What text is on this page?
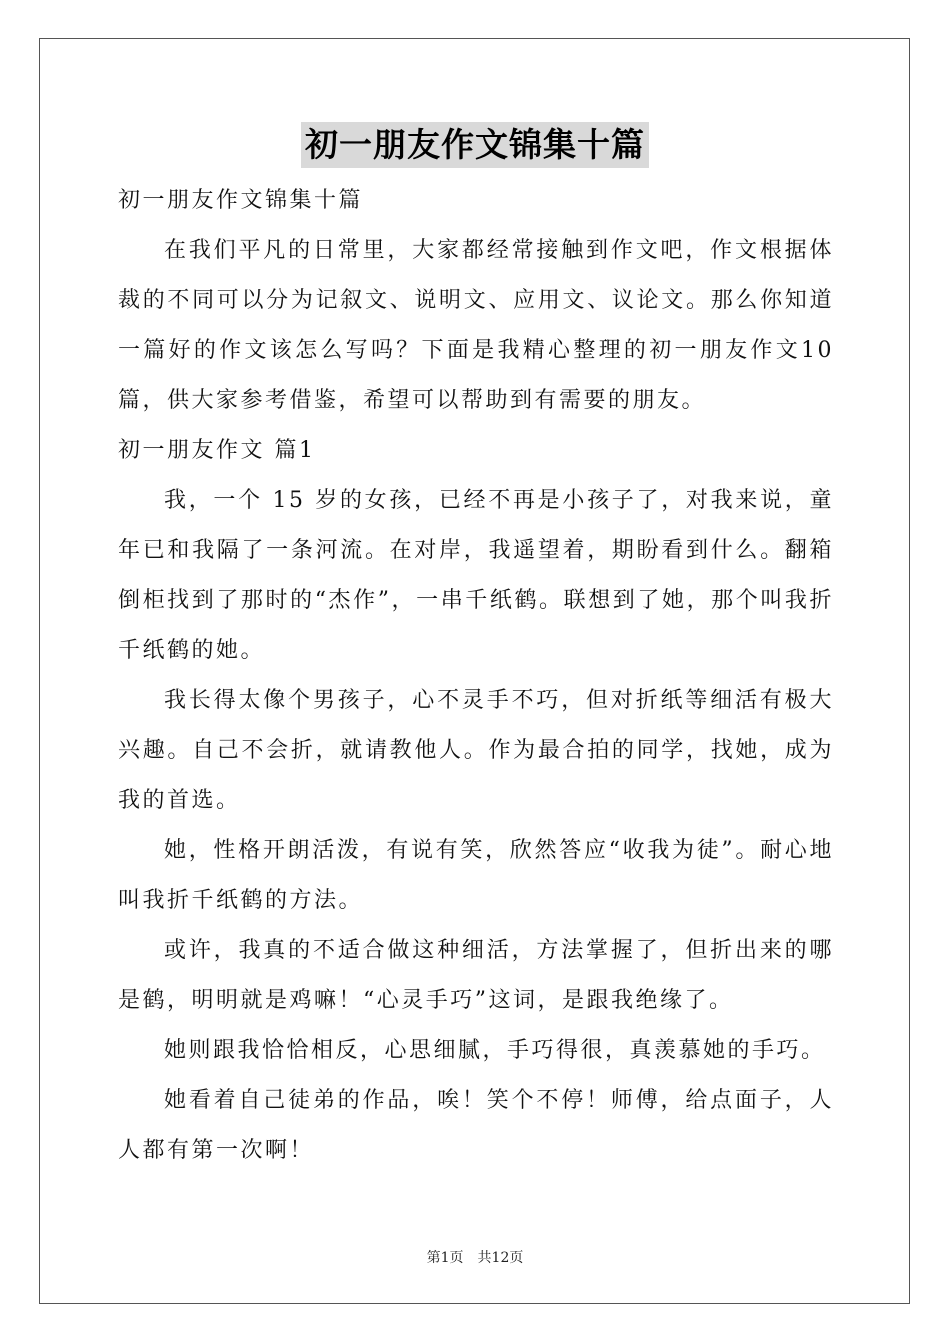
初一朋友作文锦集十篇
初一朋友作文锦集十篇

在我们平凡的日常里，大家都经常接触到作文吧，作文根据体裁的不同可以分为记叙文、说明文、应用文、议论文。那么你知道一篇好的作文该怎么写吗？下面是我精心整理的初一朋友作文10篇，供大家参考借鉴，希望可以帮助到有需要的朋友。

初一朋友作文 篇1

我，一个 15 岁的女孩，已经不再是小孩子了，对我来说，童年已和我隔了一条河流。在对岸，我遥望着，期盼看到什么。翻箱倒柜找到了那时的“杰作”，一串千纸鹤。联想到了她，那个叫我折千纸鹤的她。

我长得太像个男孩子，心不灵手不巧，但对折纸等细活有极大兴趣。自己不会折，就请教他人。作为最合拍的同学，找她，成为我的首选。

她，性格开朗活泼，有说有笑，欣然答应“收我为徒”。耐心地叫我折千纸鹤的方法。

或许，我真的不适合做这种细活，方法掌握了，但折出来的哪是鹤，明明就是鸡嘛！“心灵手巧”这词，是跟我绝缘了。

她则跟我恰恰相反，心思细腻，手巧得很，真羡慕她的手巧。

她看着自己徒弟的作品，唉！笑个不停！师傅，给点面子，人人都有第一次啊！

第1页　共12页
